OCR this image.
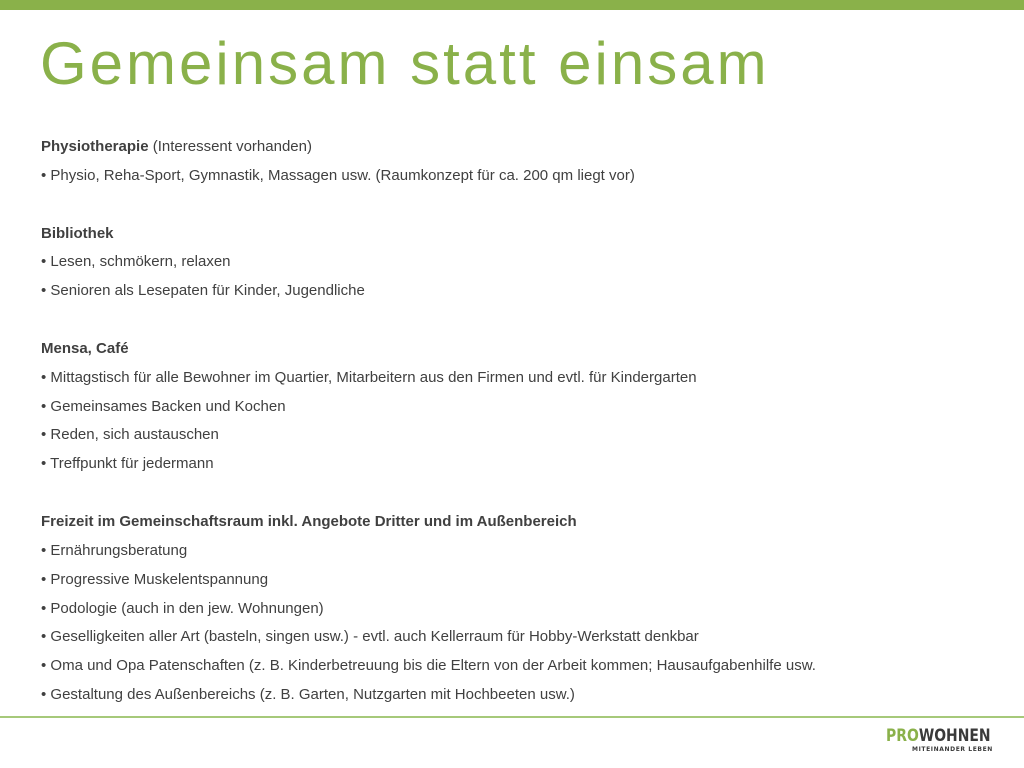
Gemeinsam statt einsam
Physiotherapie (Interessent vorhanden)
• Physio, Reha-Sport, Gymnastik, Massagen usw. (Raumkonzept für ca. 200 qm liegt vor)
Bibliothek
• Lesen, schmökern, relaxen
• Senioren als Lesepaten für Kinder, Jugendliche
Mensa, Café
• Mittagstisch für alle Bewohner im Quartier, Mitarbeitern aus den Firmen und evtl. für Kindergarten
• Gemeinsames Backen und Kochen
• Reden, sich austauschen
• Treffpunkt für jedermann
Freizeit im Gemeinschaftsraum inkl. Angebote Dritter und im Außenbereich
• Ernährungsberatung
• Progressive Muskelentspannung
• Podologie (auch in den jew. Wohnungen)
• Geselligkeiten aller Art (basteln, singen usw.) - evtl. auch Kellerraum für Hobby-Werkstatt denkbar
• Oma und Opa Patenschaften (z. B. Kinderbetreuung bis die Eltern von der Arbeit kommen; Hausaufgabenhilfe usw.
• Gestaltung des Außenbereichs (z. B. Garten, Nutzgarten mit Hochbeeten usw.)
PROWOHNEN
MITEINANDER LEBEN
